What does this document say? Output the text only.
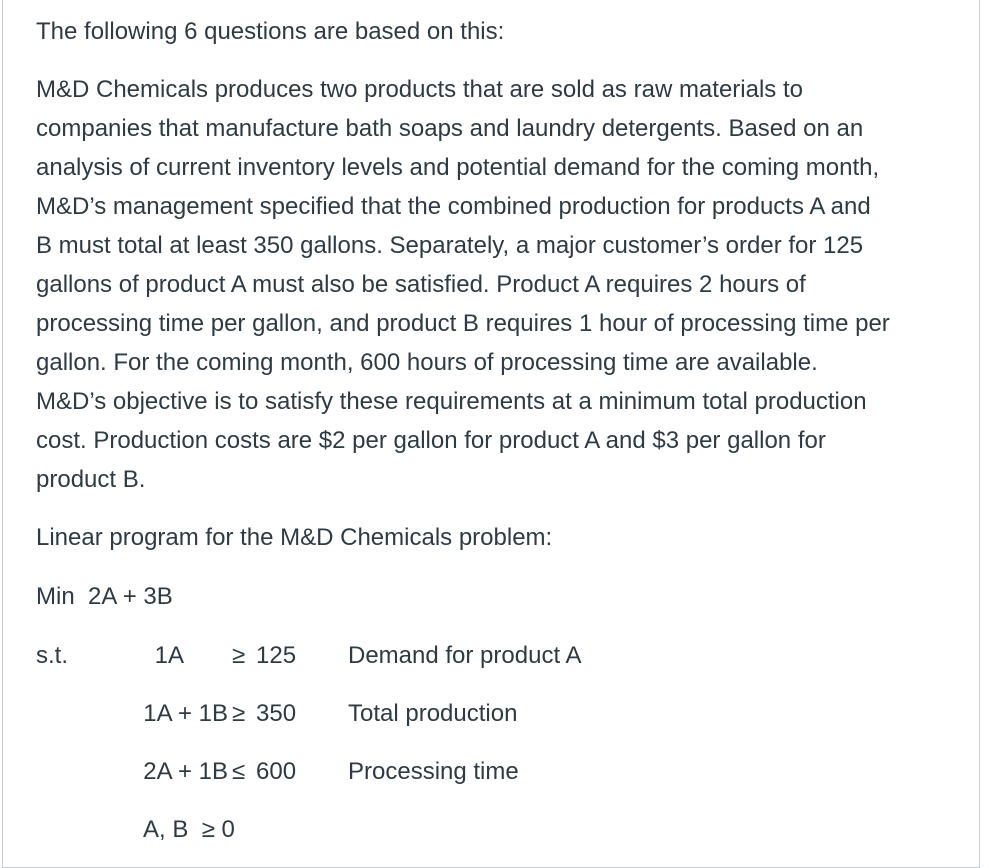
The following 6 questions are based on this:

M&D Chemicals produces two products that are sold as raw materials to
companies that manufacture bath soaps and laundry detergents. Based on an
analysis of current inventory levels and potential demand for the coming month,
M&D’s management specified that the combined production for products A and
B must total at least 350 gallons. Separately, a major customer’s order for 125
gallons of product A must also be satisfied. Product A requires 2 hours of
processing time per gallon, and product B requires 1 hour of processing time per
gallon. For the coming month, 600 hours of processing time are available.
M&D’s objective is to satisfy these requirements at a minimum total production
cost. Production costs are $2 per gallon for product A and $3 per gallon for
product B.

Linear program for the M&D Chemicals problem:

Min  2A + 3B

s.t.	1A ≥ 125 Demand for product A
1A + 1B ≥ 350 Total production
2A + 1B ≤ 600 Processing time
A, B  ≥ 0
